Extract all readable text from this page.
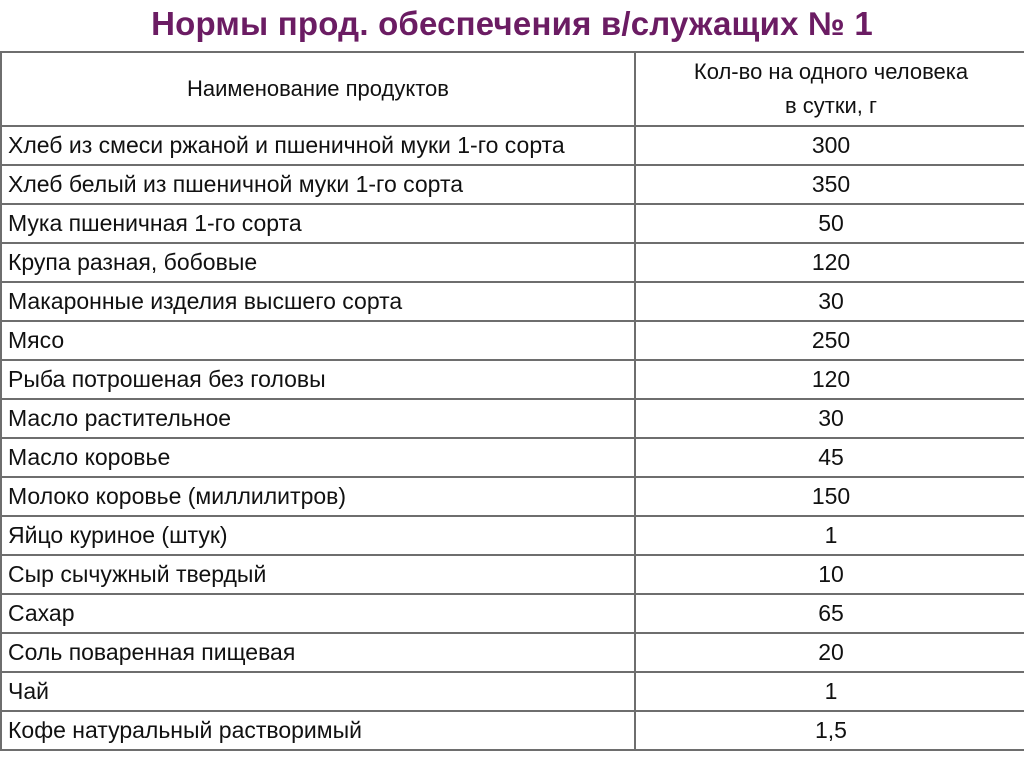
Нормы прод. обеспечения в/служащих № 1
Наименование продуктов	Кол-во на одного человека
в сутки, г
Хлеб из смеси ржаной и пшеничной муки 1-го сорта	300
Хлеб белый из пшеничной муки 1-го сорта	350
Мука пшеничная 1-го сорта	50
Крупа разная, бобовые	120
Макаронные изделия высшего сорта	30
Мясо	250
Рыба потрошеная без головы	120
Масло растительное	30
Масло коровье	45
Молоко коровье (миллилитров)	150
Яйцо куриное (штук)	1
Сыр сычужный твердый	10
Сахар	65
Соль поваренная пищевая	20
Чай	1
Кофе натуральный растворимый	1,5
